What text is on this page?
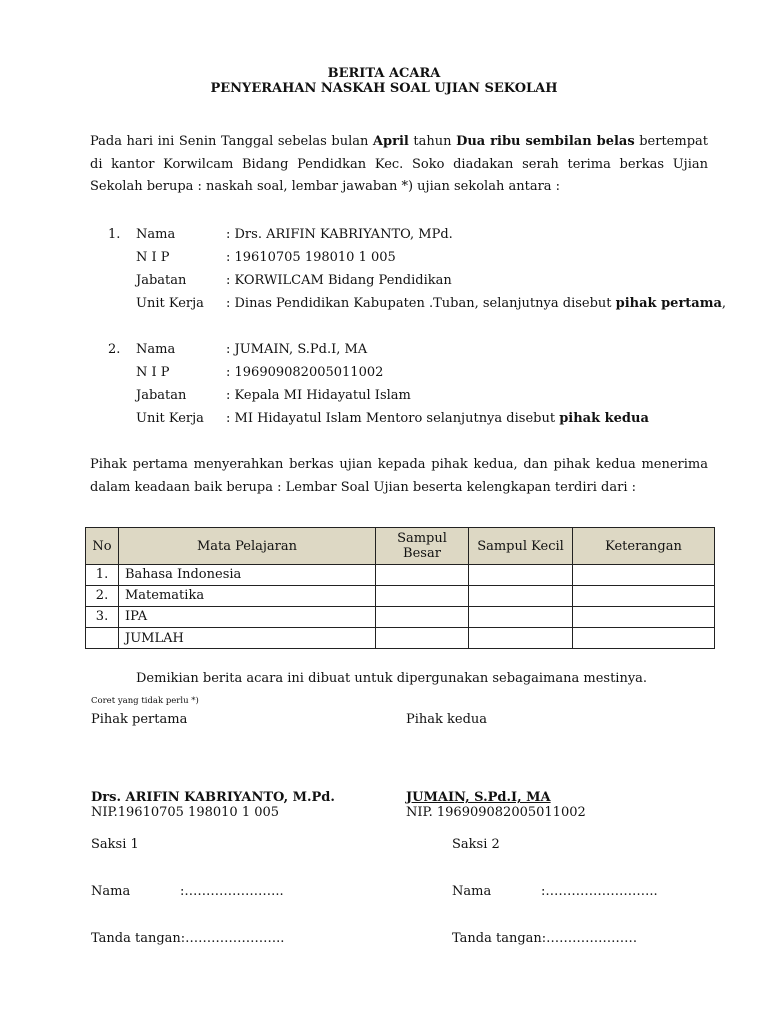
BERITA ACARA
PENYERAHAN NASKAH SOAL UJIAN SEKOLAH
Pada hari ini Senin Tanggal sebelas bulan April tahun Dua ribu sembilan belas bertempat di kantor Korwilcam Bidang Pendidkan Kec. Soko diadakan serah terima berkas Ujian Sekolah berupa : naskah soal, lembar jawaban *) ujian sekolah antara :
1. Nama	: Drs. ARIFIN KABRIYANTO, MPd.
N I P	: 19610705 198010 1 005
Jabatan	: KORWILCAM Bidang Pendidikan
Unit Kerja : Dinas Pendidikan Kabupaten .Tuban, selanjutnya disebut pihak pertama,
2. Nama	: JUMAIN, S.Pd.I, MA
N I P	: 196909082005011002
Jabatan	: Kepala MI Hidayatul Islam
Unit Kerja : MI Hidayatul Islam Mentoro selanjutnya disebut pihak kedua
Pihak pertama menyerahkan berkas ujian kepada pihak kedua, dan pihak kedua menerima dalam keadaan baik berupa : Lembar Soal Ujian beserta kelengkapan terdiri dari :
No	Mata Pelajaran	Sampul Besar	Sampul Kecil	Keterangan
1.	Bahasa Indonesia			
2.	Matematika			
3.	IPA			
	JUMLAH			
Demikian berita acara ini dibuat untuk dipergunakan sebagaimana mestinya.
Coret yang tidak perlu *)
Pihak pertama	Pihak kedua
Drs. ARIFIN KABRIYANTO, M.Pd.
NIP.19610705 198010 1 005
JUMAIN, S.Pd.I, MA
NIP. 196909082005011002
Saksi 1	Saksi 2
Nama	:…………………..	Nama	:……………………..
Tanda tangan:…………………..	Tanda tangan:…………………
